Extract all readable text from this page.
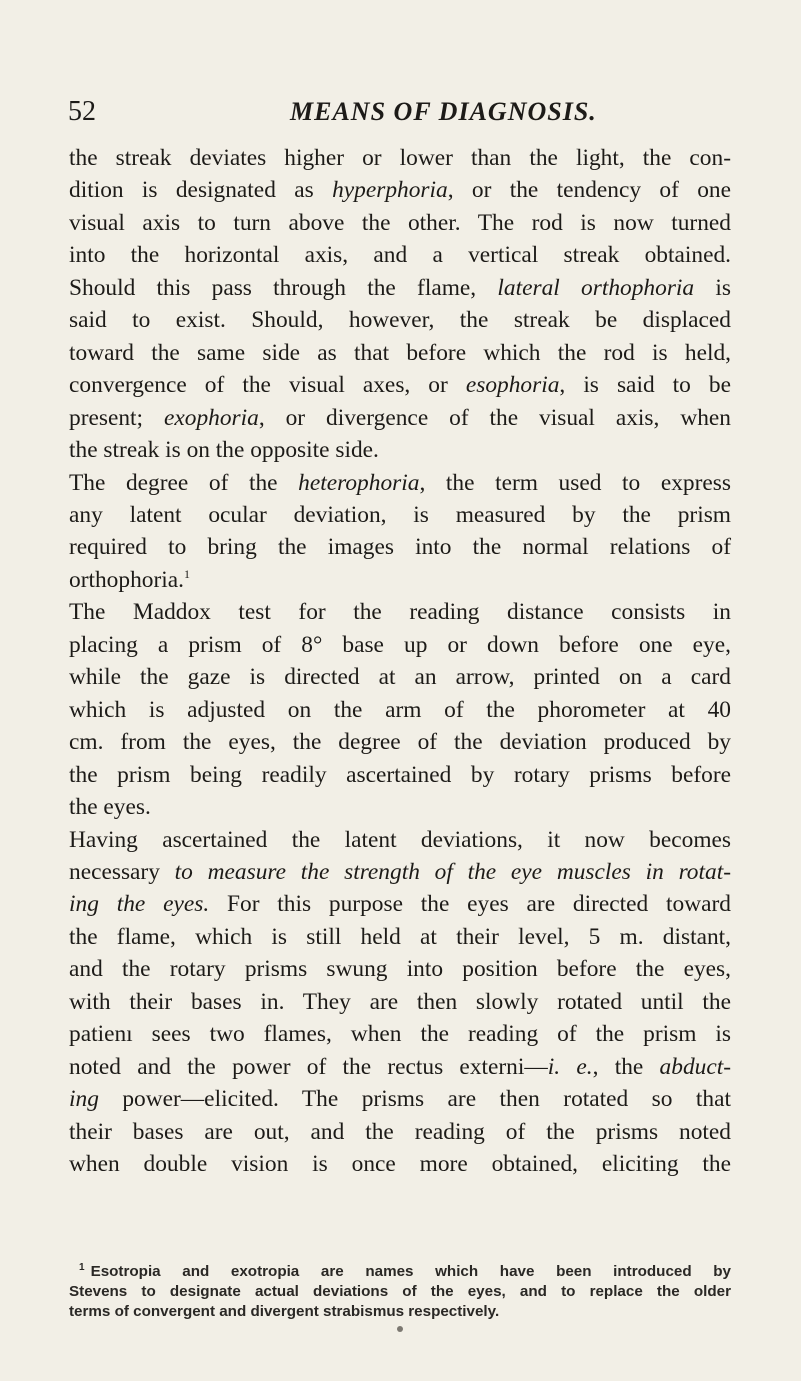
52	MEANS OF DIAGNOSIS.
the streak deviates higher or lower than the light, the con-
dition is designated as hyperphoria, or the tendency of one
visual axis to turn above the other. The rod is now turned
into the horizontal axis, and a vertical streak obtained.
Should this pass through the flame, lateral orthophoria is
said to exist. Should, however, the streak be displaced
toward the same side as that before which the rod is held,
convergence of the visual axes, or esophoria, is said to be
present; exophoria, or divergence of the visual axis, when
the streak is on the opposite side.
The degree of the heterophoria, the term used to express
any latent ocular deviation, is measured by the prism
required to bring the images into the normal relations of
orthophoria.$^1$
The Maddox test for the reading distance consists in
placing a prism of 8° base up or down before one eye,
while the gaze is directed at an arrow, printed on a card
which is adjusted on the arm of the phorometer at 40
cm. from the eyes, the degree of the deviation produced by
the prism being readily ascertained by rotary prisms before
the eyes.
Having ascertained the latent deviations, it now becomes
necessary to measure the strength of the eye muscles in rotat-
ing the eyes. For this purpose the eyes are directed toward
the flame, which is still held at their level, 5 m. distant,
and the rotary prisms swung into position before the eyes,
with their bases in. They are then slowly rotated until the
patienı sees two flames, when the reading of the prism is
noted and the power of the rectus externi—i. e., the abduct-
ing power—elicited. The prisms are then rotated so that
their bases are out, and the reading of the prisms noted
when double vision is once more obtained, eliciting the
$^1$ Esotropia and exotropia are names which have been introduced by
Stevens to designate actual deviations of the eyes, and to replace the older
terms of convergent and divergent strabismus respectively.
